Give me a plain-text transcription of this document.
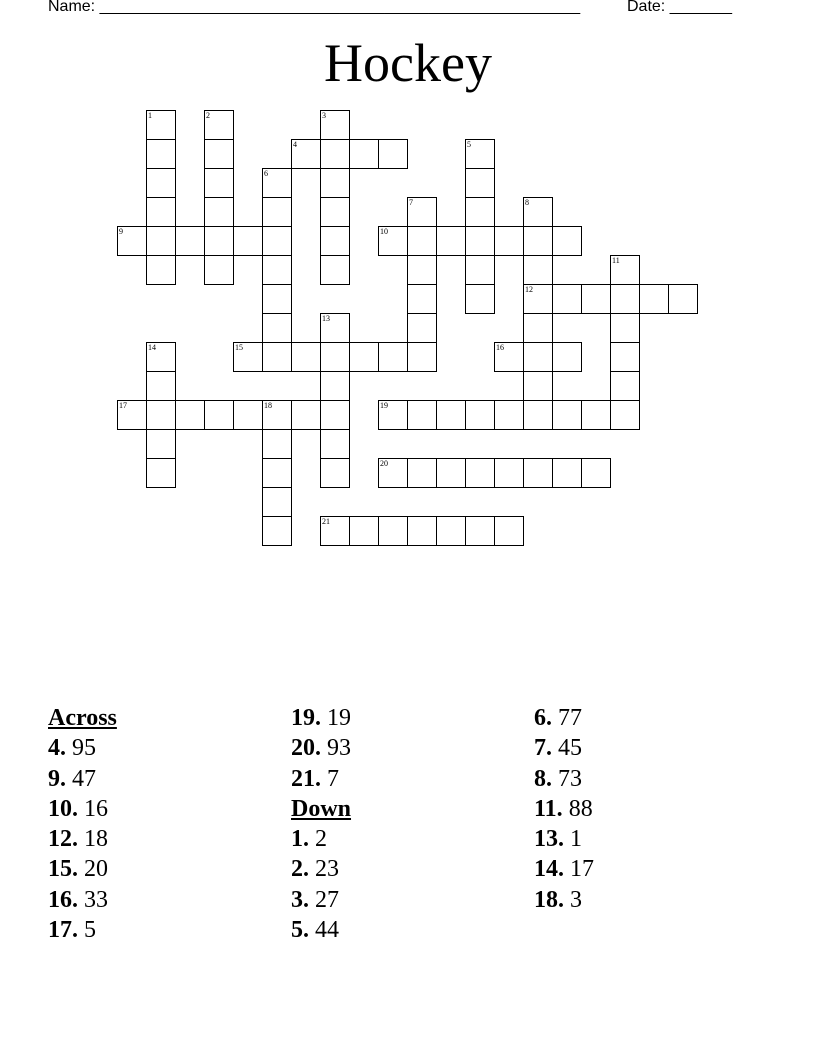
Name: ______________________________________________________	Date: _______
Hockey
1	2	3
4	5
6
7	8
9	10
11
12
13
14	15	16
17	18	19
20
21
Across
4. 95
9. 47
10. 16
12. 18
15. 20
16. 33
17. 5
19. 19
20. 93
21. 7
Down
1. 2
2. 23
3. 27
5. 44
6. 77
7. 45
8. 73
11. 88
13. 1
14. 17
18. 3
